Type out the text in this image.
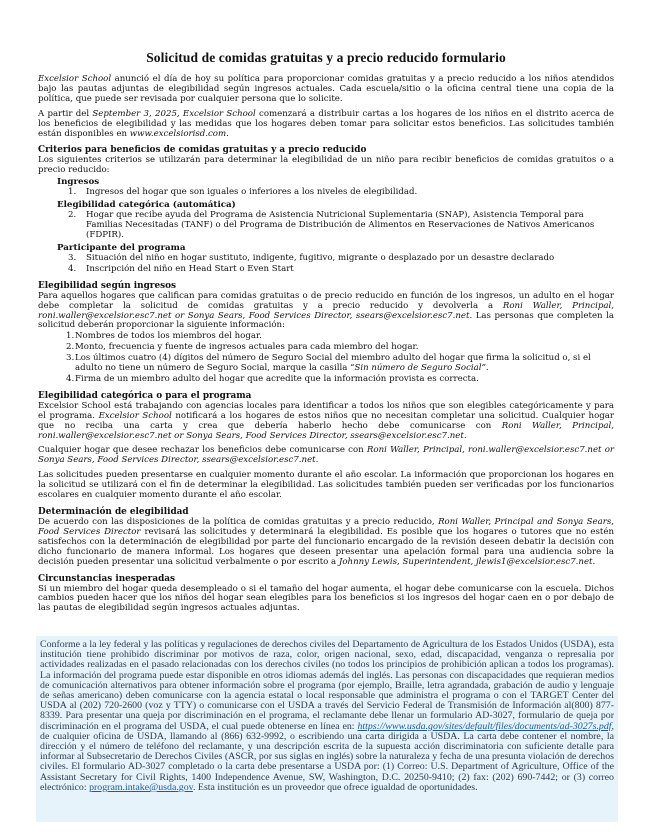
Solicitud de comidas gratuitas y a precio reducido formulario

Excelsior School anunció el día de hoy su política para proporcionar comidas gratuitas y a precio reducido a los niños atendidos bajo las pautas adjuntas de elegibilidad según ingresos actuales. Cada escuela/sitio o la oficina central tiene una copia de la política, que puede ser revisada por cualquier persona que lo solicite.

A partir del September 3, 2025, Excelsior School comenzará a distribuir cartas a los hogares de los niños en el distrito acerca de los beneficios de elegibilidad y las medidas que los hogares deben tomar para solicitar estos beneficios. Las solicitudes también están disponibles en www.excelsiorisd.com.

Criterios para beneficios de comidas gratuitas y a precio reducido

Los siguientes criterios se utilizarán para determinar la elegibilidad de un niño para recibir beneficios de comidas gratuitos o a precio reducido:

Ingresos
1. Ingresos del hogar que son iguales o inferiores a los niveles de elegibilidad.
Elegibilidad categórica (automática)
2. Hogar que recibe ayuda del Programa de Asistencia Nutricional Suplementaria (SNAP), Asistencia Temporal para Familias Necesitadas (TANF) o del Programa de Distribución de Alimentos en Reservaciones de Nativos Americanos (FDPIR).
Participante del programa
3. Situación del niño en hogar sustituto, indigente, fugitivo, migrante o desplazado por un desastre declarado
4. Inscripción del niño en Head Start o Even Start
Elegibilidad según ingresos

Para aquellos hogares que califican para comidas gratuitas o de precio reducido en función de los ingresos, un adulto en el hogar debe completar la solicitud de comidas gratuitas y a precio reducido y devolverla a Roni Waller, Principal, roni.waller@excelsior.esc7.net or Sonya Sears, Food Services Director, ssears@excelsior.esc7.net. Las personas que completen la solicitud deberán proporcionar la siguiente información:

1. Nombres de todos los miembros del hogar.
2. Monto, frecuencia y fuente de ingresos actuales para cada miembro del hogar.
3. Los últimos cuatro (4) dígitos del número de Seguro Social del miembro adulto del hogar que firma la solicitud o, si el adulto no tiene un número de Seguro Social, marque la casilla “Sin número de Seguro Social”.
4. Firma de un miembro adulto del hogar que acredite que la información provista es correcta.
Elegibilidad categórica o para el programa

Excelsior School está trabajando con agencias locales para identificar a todos los niños que son elegibles categóricamente y para el programa. Excelsior School notificará a los hogares de estos niños que no necesitan completar una solicitud. Cualquier hogar que no reciba una carta y crea que debería haberlo hecho debe comunicarse con Roni Waller, Principal, roni.waller@excelsior.esc7.net or Sonya Sears, Food Services Director, ssears@excelsior.esc7.net.

Cualquier hogar que desee rechazar los beneficios debe comunicarse con Roni Waller, Principal, roni.waller@excelsior.esc7.net or Sonya Sears, Food Services Director, ssears@excelsior.esc7.net.

Las solicitudes pueden presentarse en cualquier momento durante el año escolar. La información que proporcionan los hogares en la solicitud se utilizará con el fin de determinar la elegibilidad. Las solicitudes también pueden ser verificadas por los funcionarios escolares en cualquier momento durante el año escolar.

Determinación de elegibilidad

De acuerdo con las disposiciones de la política de comidas gratuitas y a precio reducido, Roni Waller, Principal and Sonya Sears, Food Services Director revisará las solicitudes y determinará la elegibilidad. Es posible que los hogares o tutores que no estén satisfechos con la determinación de elegibilidad por parte del funcionario encargado de la revisión deseen debatir la decisión con dicho funcionario de manera informal. Los hogares que deseen presentar una apelación formal para una audiencia sobre la decisión pueden presentar una solicitud verbalmente o por escrito a Johnny Lewis, Superintendent, jlewis1@excelsior.esc7.net.

Circunstancias inesperadas

Si un miembro del hogar queda desempleado o si el tamaño del hogar aumenta, el hogar debe comunicarse con la escuela. Dichos cambios pueden hacer que los niños del hogar sean elegibles para los beneficios si los ingresos del hogar caen en o por debajo de las pautas de elegibilidad según ingresos actuales adjuntas.

Conforme a la ley federal y las políticas y regulaciones de derechos civiles del Departamento de Agricultura de los Estados Unidos (USDA), esta institución tiene prohibido discriminar por motivos de raza, color, origen nacional, sexo, edad, discapacidad, venganza o represalia por actividades realizadas en el pasado relacionadas con los derechos civiles (no todos los principios de prohibición aplican a todos los programas). La información del programa puede estar disponible en otros idiomas además del inglés. Las personas con discapacidades que requieran medios de comunicación alternativos para obtener información sobre el programa (por ejemplo, Braille, letra agrandada, grabación de audio y lenguaje de señas americano) deben comunicarse con la agencia estatal o local responsable que administra el programa o con el TARGET Center del USDA al (202) 720-2600 (voz y TTY) o comunicarse con el USDA a través del Servicio Federal de Transmisión de Información al(800) 877-8339. Para presentar una queja por discriminación en el programa, el reclamante debe llenar un formulario AD-3027, formulario de queja por discriminación en el programa del USDA, el cual puede obtenerse en línea en: https://www.usda.gov/sites/default/files/documents/ad-3027s.pdf, de cualquier oficina de USDA, llamando al (866) 632-9992, o escribiendo una carta dirigida a USDA. La carta debe contener el nombre, la dirección y el número de teléfono del reclamante, y una descripción escrita de la supuesta acción discriminatoria con suficiente detalle para informar al Subsecretario de Derechos Civiles (ASCR, por sus siglas en inglés) sobre la naturaleza y fecha de una presunta violación de derechos civiles. El formulario AD-3027 completado o la carta debe presentarse a USDA por: (1) Correo: U.S. Department of Agriculture, Office of the Assistant Secretary for Civil Rights, 1400 Independence Avenue, SW, Washington, D.C. 20250-9410; (2) fax: (202) 690-7442; or (3) correo electrónico: program.intake@usda.gov. Esta institución es un proveedor que ofrece igualdad de oportunidades.
